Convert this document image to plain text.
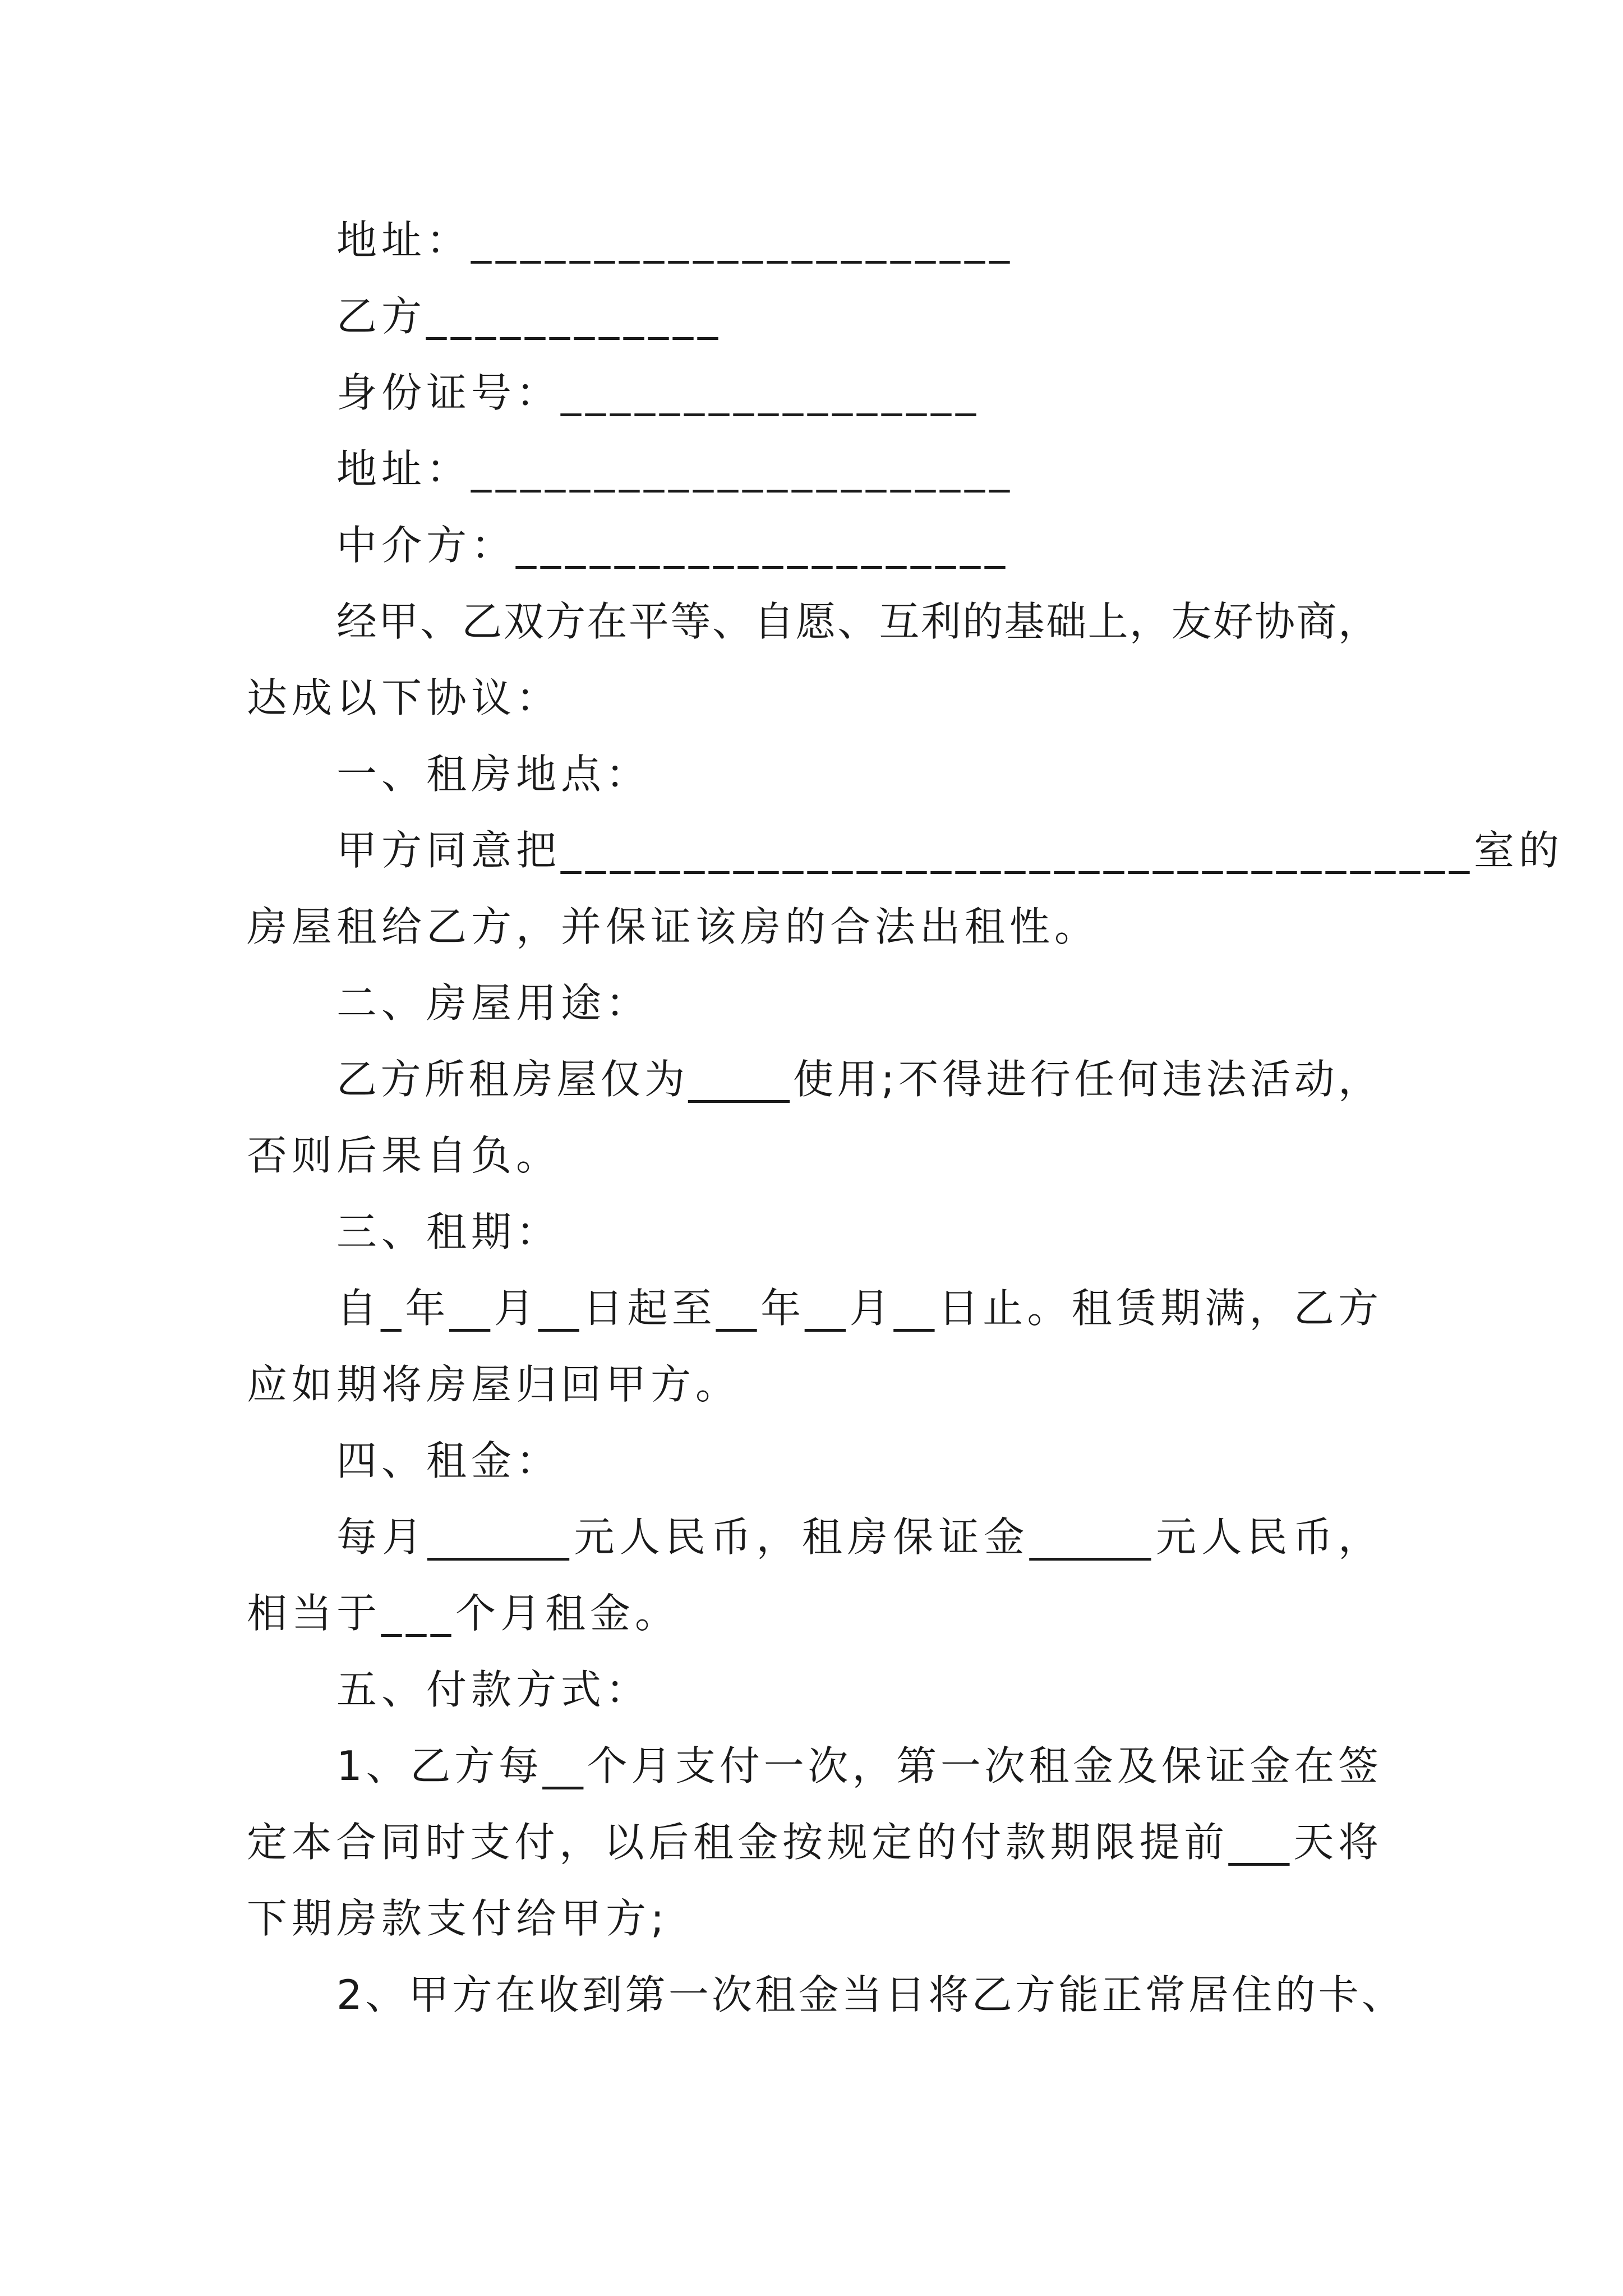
地址：______________________
乙方____________
身份证号：_________________
地址：______________________
中介方：____________________
经甲、乙双方在平等、自愿、互利的基础上，友好协商，
达成以下协议：
一、租房地点：
甲方同意把_____________________________________室的
房屋租给乙方，并保证该房的合法出租性。
二、房屋用途：
乙方所租房屋仅为_____使用;不得进行任何违法活动，
否则后果自负。
三、租期：
自_年__月__日起至__年__月__日止。租赁期满，乙方
应如期将房屋归回甲方。
四、租金：
每月_______元人民币，租房保证金______元人民币，
相当于___个月租金。
五、付款方式：
1、乙方每__个月支付一次，第一次租金及保证金在签
定本合同时支付，以后租金按规定的付款期限提前___天将
下期房款支付给甲方;
2、甲方在收到第一次租金当日将乙方能正常居住的卡、
